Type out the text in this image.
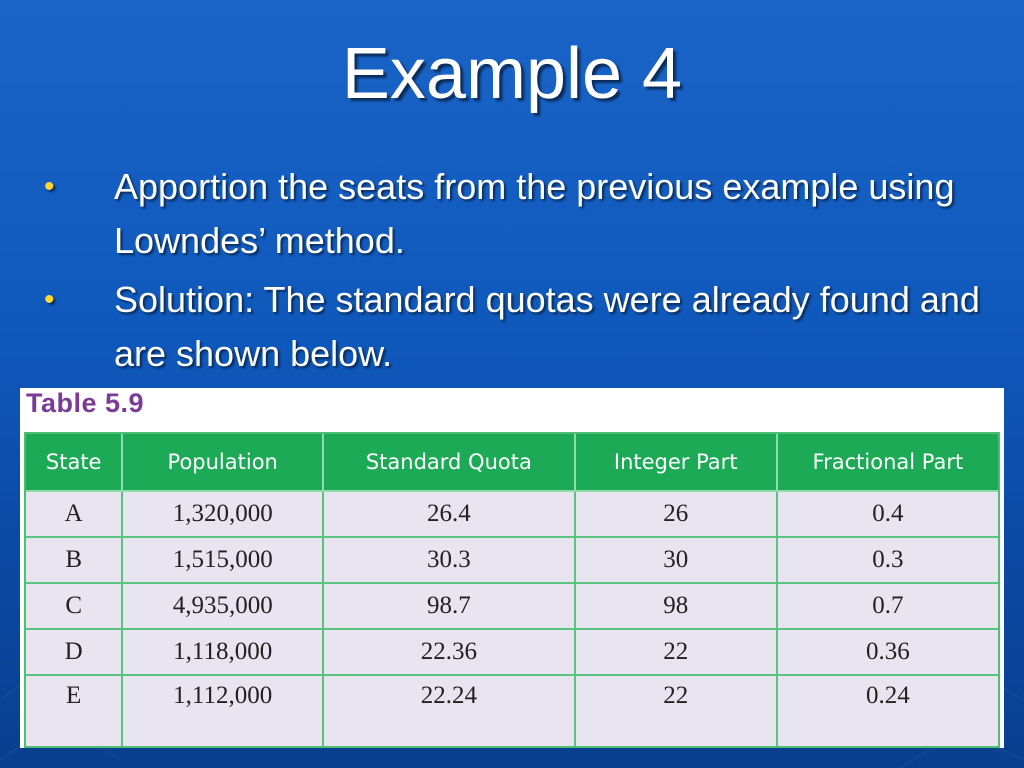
Example 4
• Apportion the seats from the previous example using Lowndes’ method.
• Solution: The standard quotas were already found and are shown below.
Table 5.9
State	Population	Standard Quota	Integer Part	Fractional Part
A	1,320,000	26.4	26	0.4
B	1,515,000	30.3	30	0.3
C	4,935,000	98.7	98	0.7
D	1,118,000	22.36	22	0.36
E	1,112,000	22.24	22	0.24
